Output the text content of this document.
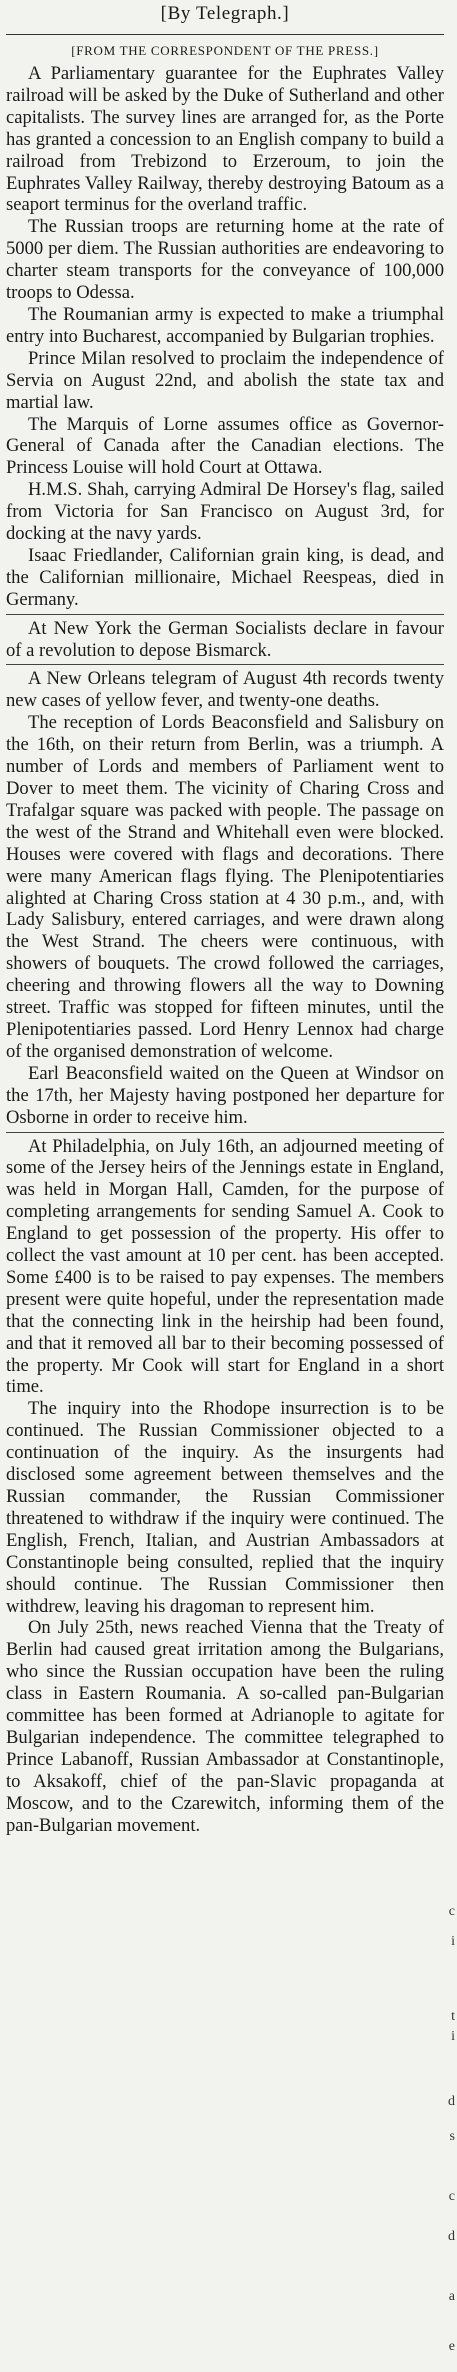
[By Telegraph.]
[FROM THE CORRESPONDENT OF THE PRESS.]

A Parliamentary guarantee for the Euphrates Valley railroad will be asked by the Duke of Sutherland and other capitalists. The survey lines are arranged for, as the Porte has granted a concession to an English company to build a railroad from Trebizond to Erzeroum, to join the Euphrates Valley Railway, thereby destroying Batoum as a seaport terminus for the overland traffic.

The Russian troops are returning home at the rate of 5000 per diem. The Russian authorities are endeavoring to charter steam transports for the conveyance of 100,000 troops to Odessa.

The Roumanian army is expected to make a triumphal entry into Bucharest, accompanied by Bulgarian trophies.

Prince Milan resolved to proclaim the independence of Servia on August 22nd, and abolish the state tax and martial law.

The Marquis of Lorne assumes office as Governor-General of Canada after the Canadian elections. The Princess Louise will hold Court at Ottawa.

H.M.S. Shah, carrying Admiral De Horsey's flag, sailed from Victoria for San Francisco on August 3rd, for docking at the navy yards.

Isaac Friedlander, Californian grain king, is dead, and the Californian millionaire, Michael Reespeas, died in Germany.

At New York the German Socialists declare in favour of a revolution to depose Bismarck.

A New Orleans telegram of August 4th records twenty new cases of yellow fever, and twenty-one deaths.

The reception of Lords Beaconsfield and Salisbury on the 16th, on their return from Berlin, was a triumph. A number of Lords and members of Parliament went to Dover to meet them. The vicinity of Charing Cross and Trafalgar square was packed with people. The passage on the west of the Strand and Whitehall even were blocked. Houses were covered with flags and decorations. There were many American flags flying. The Plenipotentiaries alighted at Charing Cross station at 4 30 p.m., and, with Lady Salisbury, entered carriages, and were drawn along the West Strand. The cheers were continuous, with showers of bouquets. The crowd followed the carriages, cheering and throwing flowers all the way to Downing street. Traffic was stopped for fifteen minutes, until the Plenipotentiaries passed. Lord Henry Lennox had charge of the organised demonstration of welcome.

Earl Beaconsfield waited on the Queen at Windsor on the 17th, her Majesty having postponed her departure for Osborne in order to receive him.

At Philadelphia, on July 16th, an adjourned meeting of some of the Jersey heirs of the Jennings estate in England, was held in Morgan Hall, Camden, for the purpose of completing arrangements for sending Samuel A. Cook to England to get possession of the property. His offer to collect the vast amount at 10 per cent. has been accepted. Some £400 is to be raised to pay expenses. The members present were quite hopeful, under the representation made that the connecting link in the heirship had been found, and that it removed all bar to their becoming possessed of the property. Mr Cook will start for England in a short time.

The inquiry into the Rhodope insurrection is to be continued. The Russian Commissioner objected to a continuation of the inquiry. As the insurgents had disclosed some agreement between themselves and the Russian commander, the Russian Commissioner threatened to withdraw if the inquiry were continued. The English, French, Italian, and Austrian Ambassadors at Constantinople being consulted, replied that the inquiry should continue. The Russian Commissioner then withdrew, leaving his dragoman to represent him.

On July 25th, news reached Vienna that the Treaty of Berlin had caused great irritation among the Bulgarians, who since the Russian occupation have been the ruling class in Eastern Roumania. A so-called pan-Bulgarian committee has been formed at Adrianople to agitate for Bulgarian independence. The committee telegraphed to Prince Labanoff, Russian Ambassador at Constantinople, to Aksakoff, chief of the pan-Slavic propaganda at Moscow, and to the Czarewitch, informing them of the pan-Bulgarian movement.

c
i
t
i
d
s
c
d
a
e
